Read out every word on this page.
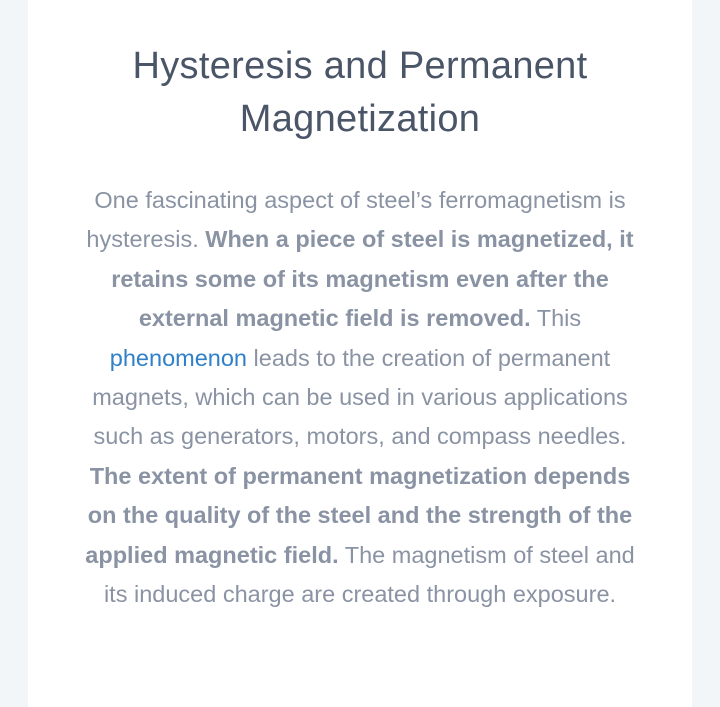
Hysteresis and Permanent Magnetization

One fascinating aspect of steel’s ferromagnetism is hysteresis. When a piece of steel is magnetized, it retains some of its magnetism even after the external magnetic field is removed. This phenomenon leads to the creation of permanent magnets, which can be used in various applications such as generators, motors, and compass needles. The extent of permanent magnetization depends on the quality of the steel and the strength of the applied magnetic field. The magnetism of steel and its induced charge are created through exposure.
